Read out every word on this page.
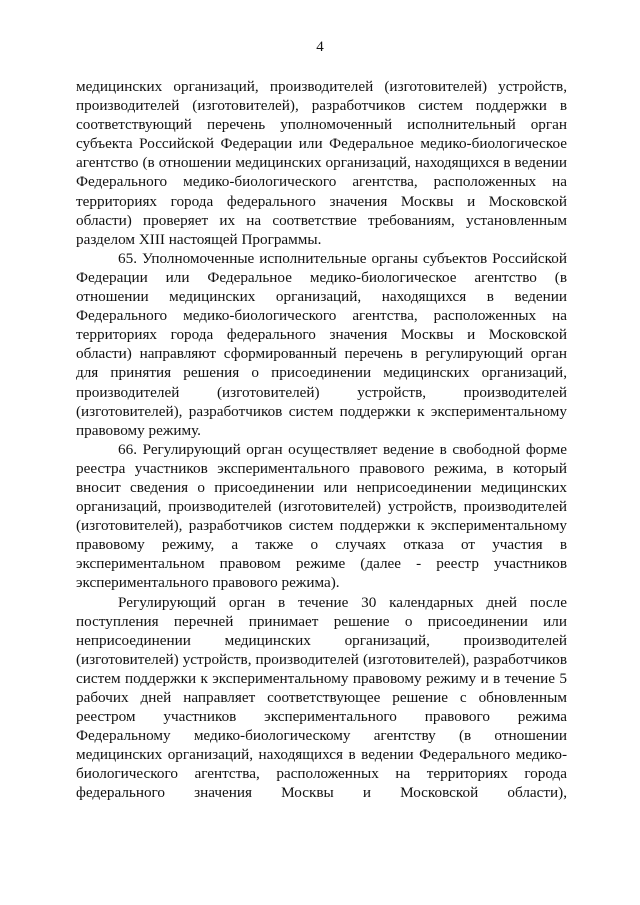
4

медицинских организаций, производителей (изготовителей) устройств, производителей (изготовителей), разработчиков систем поддержки в соответствующий перечень уполномоченный исполнительный орган субъекта Российской Федерации или Федеральное медико-биологическое агентство (в отношении медицинских организаций, находящихся в ведении Федерального медико-биологического агентства, расположенных на территориях города федерального значения Москвы и Московской области) проверяет их на соответствие требованиям, установленным разделом XIII настоящей Программы.

65. Уполномоченные исполнительные органы субъектов Российской Федерации или Федеральное медико-биологическое агентство (в отношении медицинских организаций, находящихся в ведении Федерального медико-биологического агентства, расположенных на территориях города федерального значения Москвы и Московской области) направляют сформированный перечень в регулирующий орган для принятия решения о присоединении медицинских организаций, производителей (изготовителей) устройств, производителей (изготовителей), разработчиков систем поддержки к экспериментальному правовому режиму.

66. Регулирующий орган осуществляет ведение в свободной форме реестра участников экспериментального правового режима, в который вносит сведения о присоединении или неприсоединении медицинских организаций, производителей (изготовителей) устройств, производителей (изготовителей), разработчиков систем поддержки к экспериментальному правовому режиму, а также о случаях отказа от участия в экспериментальном правовом режиме (далее - реестр участников экспериментального правового режима).

Регулирующий орган в течение 30 календарных дней после поступления перечней принимает решение о присоединении или неприсоединении медицинских организаций, производителей (изготовителей) устройств, производителей (изготовителей), разработчиков систем поддержки к экспериментальному правовому режиму и в течение 5 рабочих дней направляет соответствующее решение с обновленным реестром участников экспериментального правового режима Федеральному медико-биологическому агентству (в отношении медицинских организаций, находящихся в ведении Федерального медико-биологического агентства, расположенных на территориях города федерального значения Москвы и Московской области),
